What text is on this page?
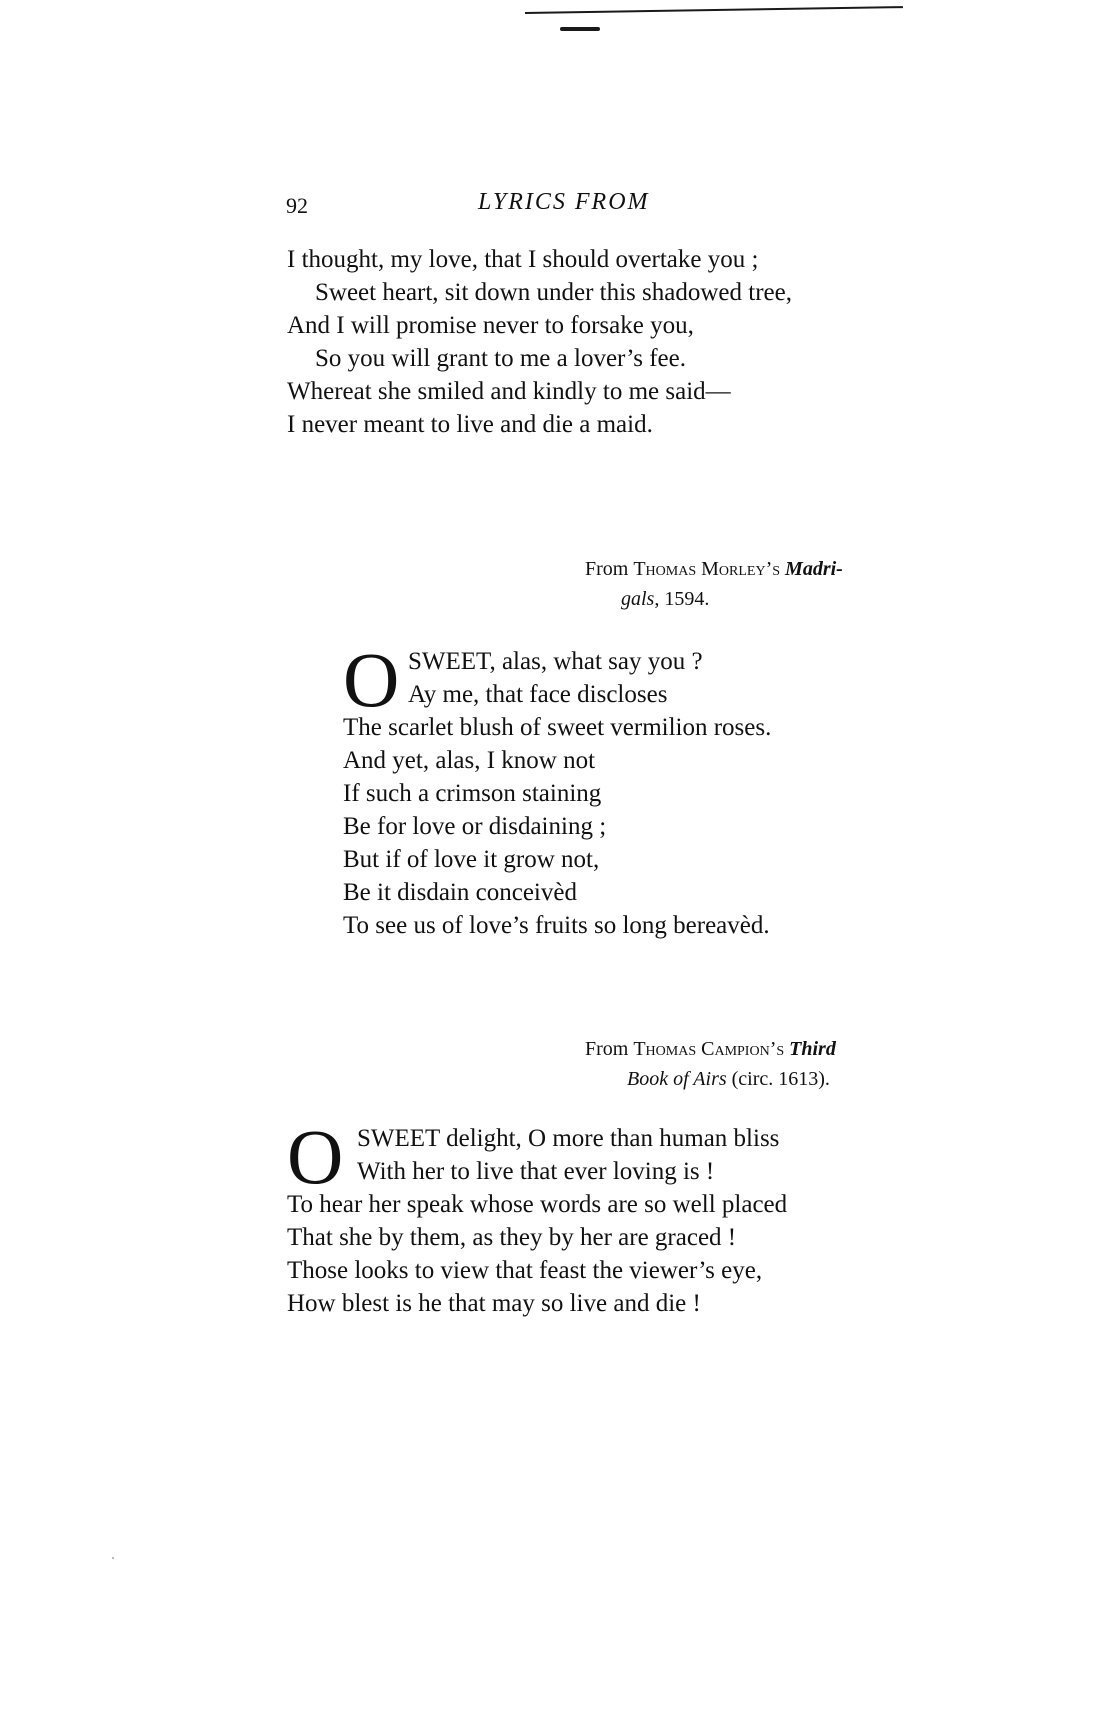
92	LYRICS FROM
I thought, my love, that I should overtake you ;
Sweet heart, sit down under this shadowed tree,
And I will promise never to forsake you,
So you will grant to me a lover’s fee.
Whereat she smiled and kindly to me said—
I never meant to live and die a maid.
From Thomas Morley’s Madri-
gals, 1594.
O SWEET, alas, what say you ?
Ay me, that face discloses
The scarlet blush of sweet vermilion roses.
And yet, alas, I know not
If such a crimson staining
Be for love or disdaining ;
But if of love it grow not,
Be it disdain conceivèd
To see us of love’s fruits so long bereavèd.
From Thomas Campion’s Third
Book of Airs (circ. 1613).
O SWEET delight, O more than human bliss
With her to live that ever loving is !
To hear her speak whose words are so well placed
That she by them, as they by her are graced !
Those looks to view that feast the viewer’s eye,
How blest is he that may so live and die !
